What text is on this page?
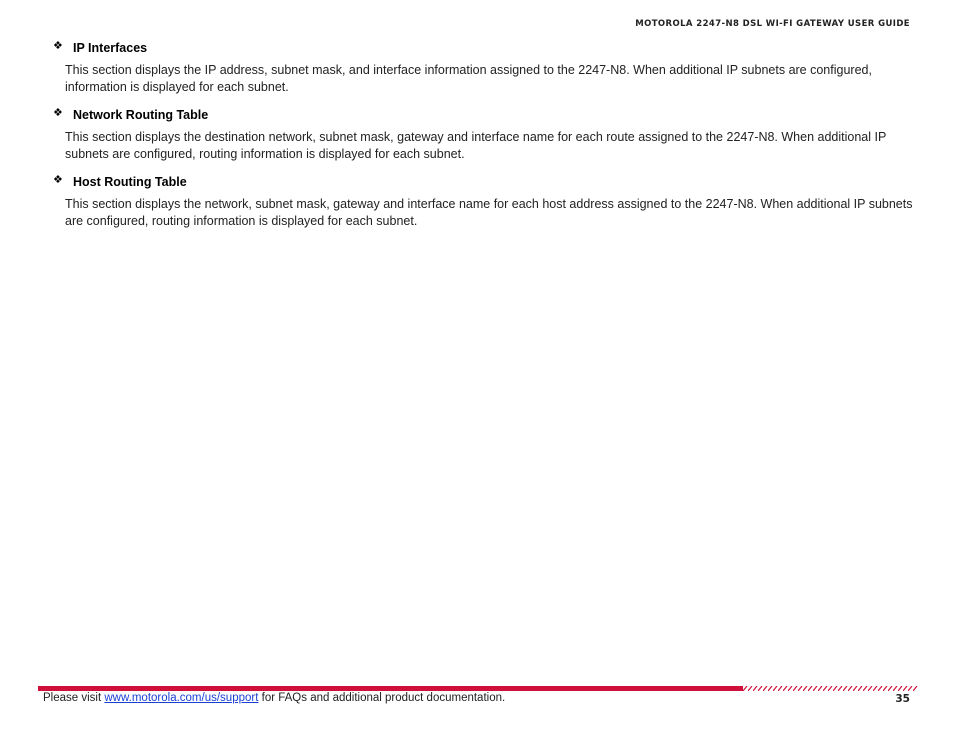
MOTOROLA 2247-N8 DSL WI-FI GATEWAY USER GUIDE
❖ IP Interfaces
This section displays the IP address, subnet mask, and interface information assigned to the 2247-N8. When additional IP subnets are configured, information is displayed for each subnet.
❖ Network Routing Table
This section displays the destination network, subnet mask, gateway and interface name for each route assigned to the 2247-N8. When additional IP subnets are configured, routing information is displayed for each subnet.
❖ Host Routing Table
This section displays the network, subnet mask, gateway and interface name for each host address assigned to the 2247-N8. When additional IP subnets are configured, routing information is displayed for each subnet.
Please visit www.motorola.com/us/support for FAQs and additional product documentation.	35
